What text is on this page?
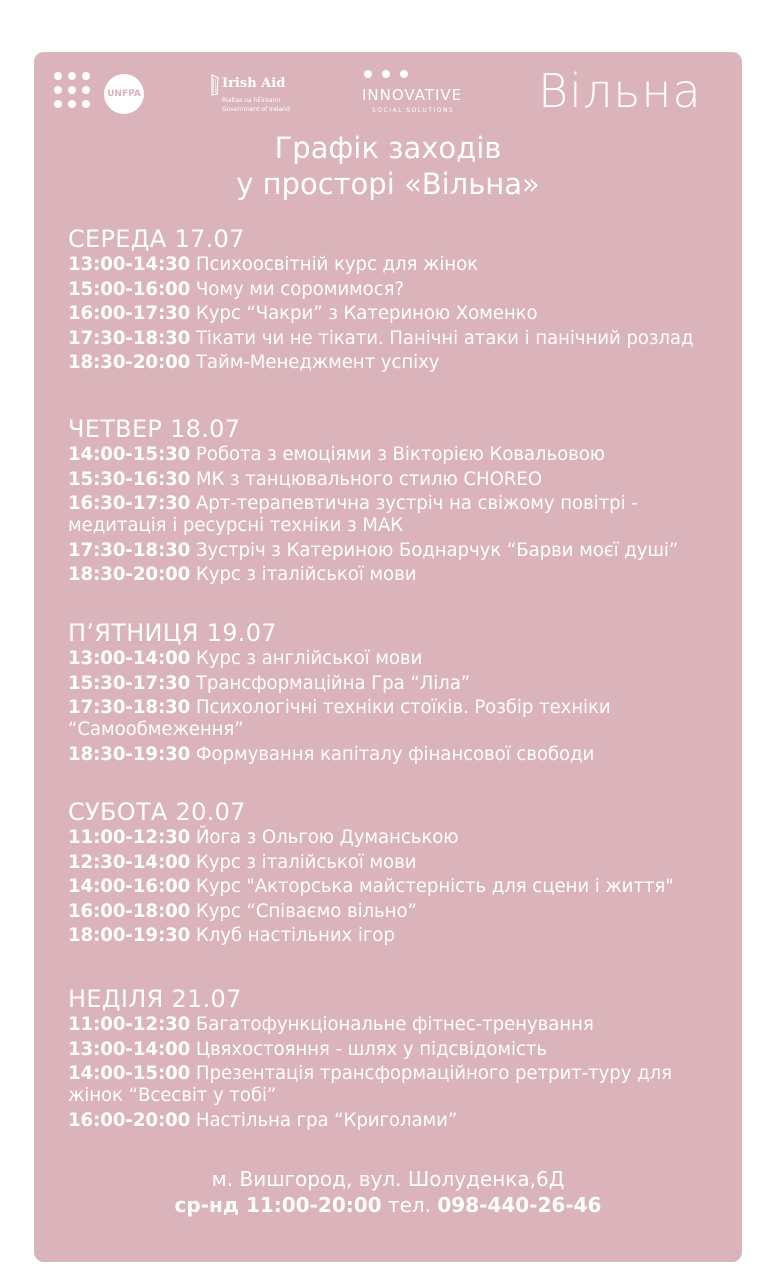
UNFPA
Irish Aid
Rialtas na hÉireann
Government of Ireland
INNOVATIVE
SOCIAL SOLUTIONS Вільна
Графік заходів
у просторі «Вільна»
СЕРЕДА 17.07
13:00-14:30 Психоосвітній курс для жінок
15:00-16:00 Чому ми соромимося?
16:00-17:30 Курс “Чакри” з Катериною Хоменко
17:30-18:30 Тікати чи не тікати. Панічні атаки і панічний розлад
18:30-20:00 Тайм-Менеджмент успіху
ЧЕТВЕР 18.07
14:00-15:30 Робота з емоціями з Вікторією Ковальовою
15:30-16:30 МК з танцювального стилю CHOREO
16:30-17:30 Арт-терапевтична зустріч на свіжому повітрі - медитація і ресурсні техніки з МАК
17:30-18:30 Зустріч з Катериною Боднарчук “Барви моєї душі”
18:30-20:00 Курс з італійської мови
П’ЯТНИЦЯ 19.07
13:00-14:00 Курс з англійської мови
15:30-17:30 Трансформаційна Гра “Ліла”
17:30-18:30 Психологічні техніки стоїків. Розбір техніки “Самообмеження”
18:30-19:30 Формування капіталу фінансової свободи
СУБОТА 20.07
11:00-12:30 Йога з Ольгою Думанською
12:30-14:00 Курс з італійської мови
14:00-16:00 Курс "Акторська майстерність для сцени і життя"
16:00-18:00 Курс “Співаємо вільно”
18:00-19:30 Клуб настільних ігор
НЕДІЛЯ 21.07
11:00-12:30 Багатофункціональне фітнес-тренування
13:00-14:00 Цвяхостояння - шлях у підсвідомість
14:00-15:00 Презентація трансформаційного ретрит-туру для жінок “Всесвіт у тобі”
16:00-20:00 Настільна гра “Криголами”
м. Вишгород, вул. Шолуденка,6Д
ср-нд 11:00-20:00 тел. 098-440-26-46
